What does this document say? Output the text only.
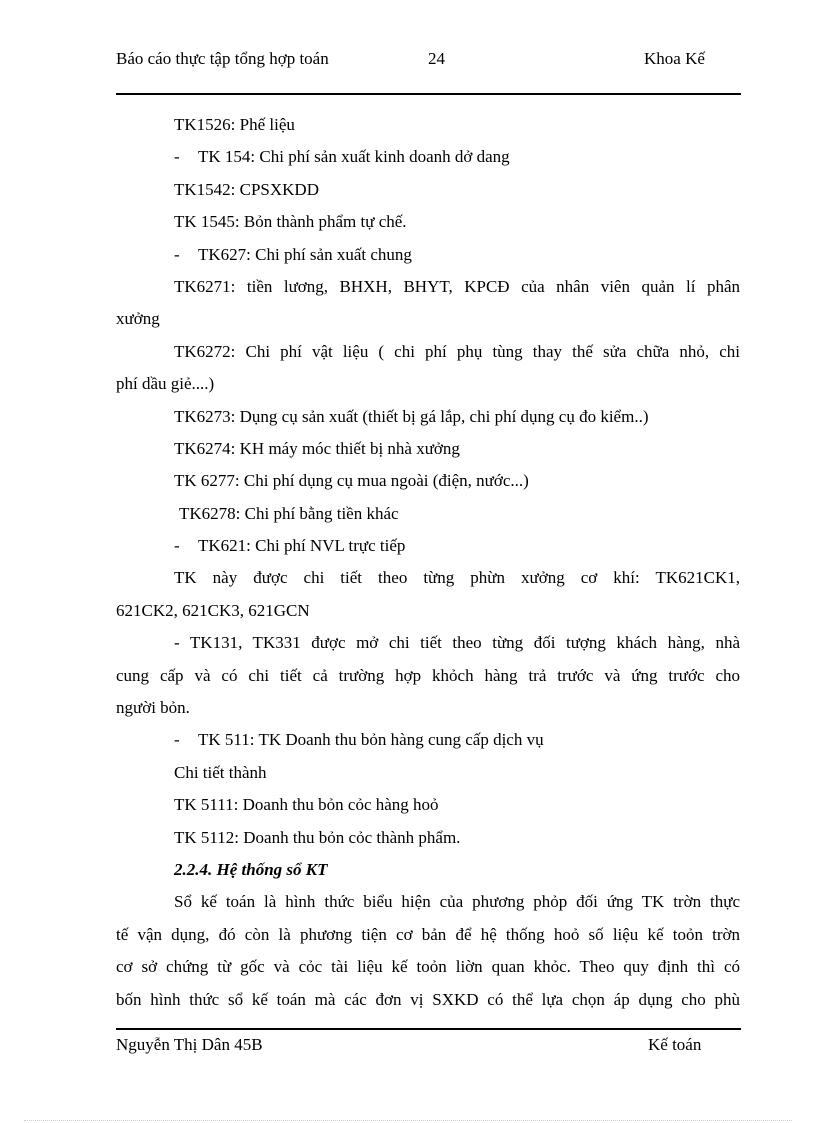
Báo cáo thực tập tổng hợp toán	24	Khoa Kế
TK1526: Phế liệu
- TK 154: Chi phí sản xuất kinh doanh dở dang
TK1542: CPSXKDD
TK 1545: Bỏn thành phẩm tự chế.
- TK627: Chi phí sản xuất chung
TK6271: tiền lương, BHXH, BHYT, KPCĐ của nhân viên quản lí phân
xưởng
TK6272: Chi phí vật liệu ( chi phí phụ tùng thay thế sửa chữa nhỏ, chi
phí dầu giẻ....)
TK6273: Dụng cụ sản xuất (thiết bị gá lắp, chi phí dụng cụ đo kiểm..)
TK6274: KH máy móc thiết bị nhà xưởng
TK 6277: Chi phí dụng cụ mua ngoài (điện, nước...)
TK6278: Chi phí bằng tiền khác
- TK621: Chi phí NVL trực tiếp
TK này được chi tiết theo từng phừn xưởng cơ khí: TK621CK1,
621CK2, 621CK3, 621GCN
- TK131, TK331 được mở chi tiết theo từng đối tượng khách hàng, nhà
cung cấp và có chi tiết cả trường hợp khỏch hàng trả trước và ứng trước cho
người bỏn.
- TK 511: TK Doanh thu bỏn hàng cung cấp dịch vụ
Chi tiết thành
TK 5111: Doanh thu bỏn cỏc hàng hoỏ
TK 5112: Doanh thu bỏn cỏc thành phẩm.
2.2.4. Hệ thống sổ KT
Sổ kế toán là hình thức biểu hiện của phương phỏp đối ứng TK trờn thực
tế vận dụng, đó còn là phương tiện cơ bản để hệ thống hoỏ số liệu kế toỏn trờn
cơ sở chứng từ gốc và cỏc tài liệu kế toỏn liờn quan khỏc. Theo quy định thì có
bốn hình thức sổ kế toán mà các đơn vị SXKD có thể lựa chọn áp dụng cho phù
Nguyễn Thị Dân 45B	Kế toán
